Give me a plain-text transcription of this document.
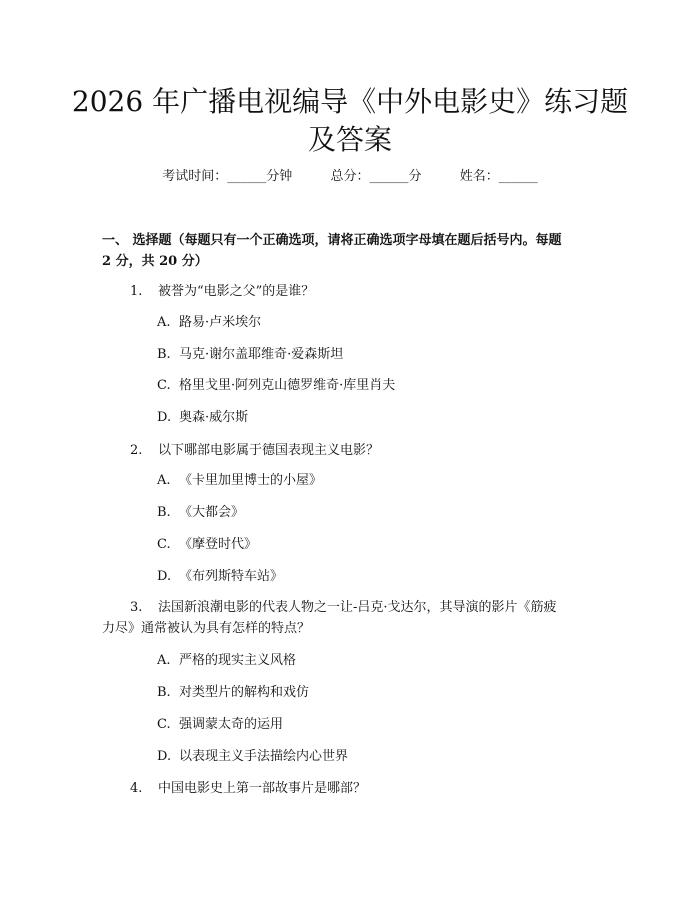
2026 年广播电视编导《中外电影史》练习题
及答案
考试时间：______分钟	总分：______分	姓名：______
一、 选择题（每题只有一个正确选项，请将正确选项字母填在题后括号内。每题
2 分，共 20 分）
1. 被誉为“电影之父”的是谁？
A. 路易·卢米埃尔
B. 马克·谢尔盖耶维奇·爱森斯坦
C. 格里戈里·阿列克山德罗维奇·库里肖夫
D. 奥森·威尔斯
2. 以下哪部电影属于德国表现主义电影？
A. 《卡里加里博士的小屋》
B. 《大都会》
C. 《摩登时代》
D. 《布列斯特车站》
3. 法国新浪潮电影的代表人物之一让-吕克·戈达尔，其导演的影片《筋疲
力尽》通常被认为具有怎样的特点？
A. 严格的现实主义风格
B. 对类型片的解构和戏仿
C. 强调蒙太奇的运用
D. 以表现主义手法描绘内心世界
4. 中国电影史上第一部故事片是哪部？
